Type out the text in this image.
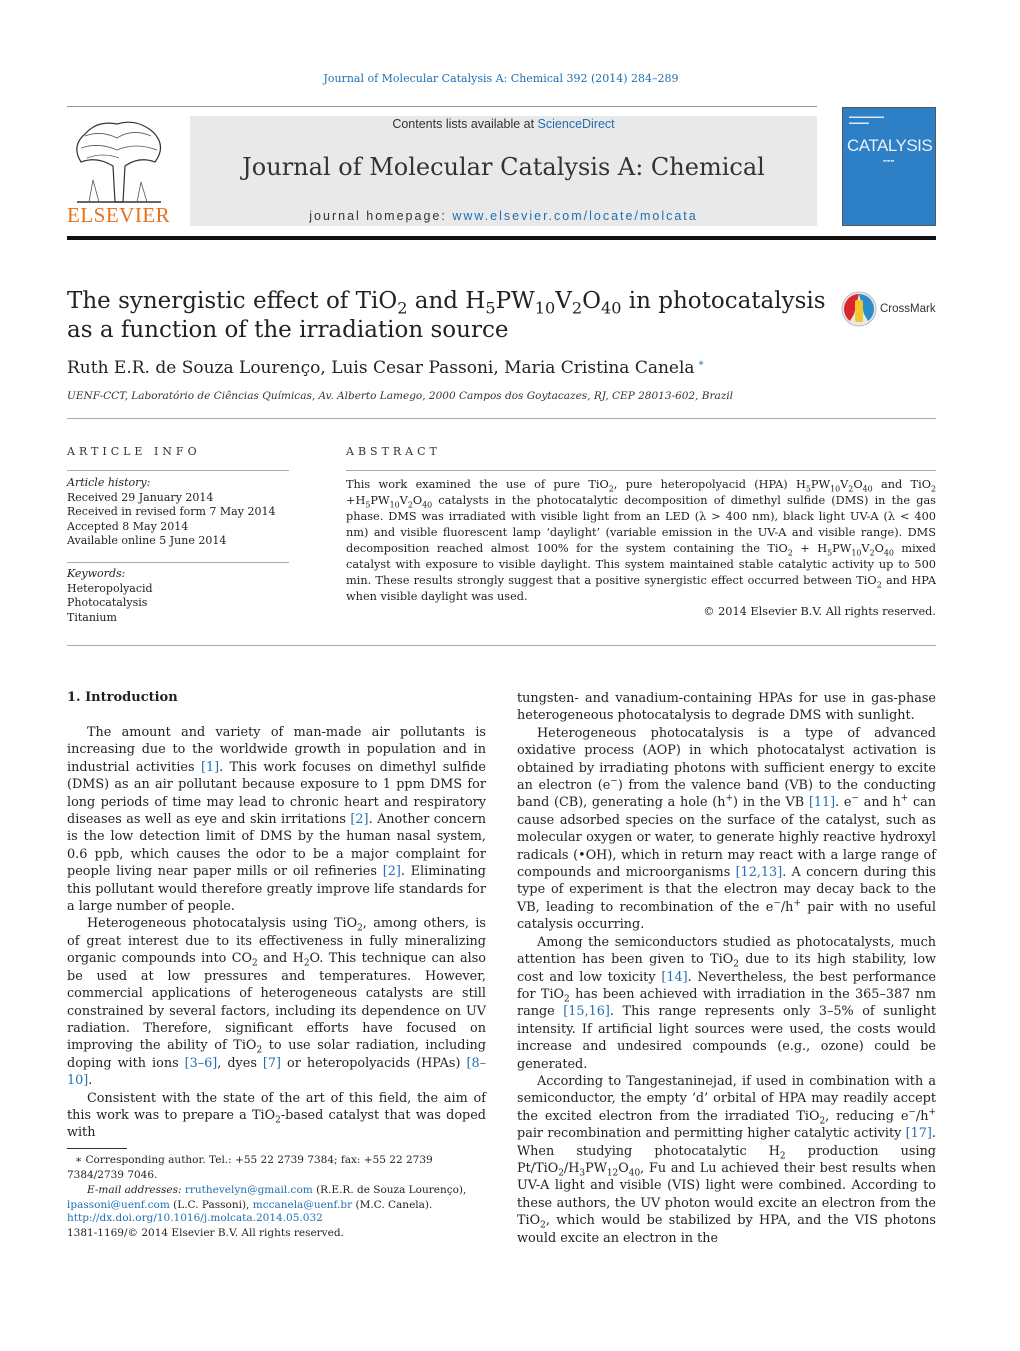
Journal of Molecular Catalysis A: Chemical 392 (2014) 284–289
ELSEVIER
Contents lists available at ScienceDirect
Journal of Molecular Catalysis A: Chemical
journal homepage: www.elsevier.com/locate/molcata
▬▬▬▬▬▬▬
▬▬▬▬
CATALYSIS
▬▬▬
The synergistic effect of TiO$_2$ and $H_5PW_{10}V_2O_{40}$ in photocatalysis
as a function of the irradiation source
CrossMark
Ruth E.R. de Souza Lourenço, Luis Cesar Passoni, Maria Cristina Canela ∗
UENF-CCT, Laboratório de Ciências Químicas, Av. Alberto Lamego, 2000 Campos dos Goytacazes, RJ, CEP 28013-602, Brazil
ARTICLE INFO	ABSTRACT
Article history:
Received 29 January 2014
Received in revised form 7 May 2014
Accepted 8 May 2014
Available online 5 June 2014
Keywords:
Heteropolyacid
Photocatalysis
Titanium
This work examined the use of pure TiO$_2$, pure heteropolyacid (HPA) $H_5PW_{10}V_2O_{40}$ and $TiO_2 +H_5PW_{10}V_2O_{40}$ catalysts in the photocatalytic decomposition of dimethyl sulfide (DMS) in the gas phase. DMS was irradiated with visible light from an LED (λ > 400 nm), black light UV-A (λ < 400 nm) and visible fluorescent lamp ‘daylight’ (variable emission in the UV-A and visible range). DMS decomposition reached almost 100% for the system containing the $TiO_2 + H_5PW_{10}V_2O_{40}$ mixed catalyst with exposure to visible daylight. This system maintained stable catalytic activity up to 500 min. These results strongly suggest that a positive synergistic effect occurred between TiO$_2$ and HPA when visible daylight was used.
© 2014 Elsevier B.V. All rights reserved.
1. Introduction

The amount and variety of man-made air pollutants is increasing due to the worldwide growth in population and in industrial activities [1]. This work focuses on dimethyl sulfide (DMS) as an air pollutant because exposure to 1 ppm DMS for long periods of time may lead to chronic heart and respiratory diseases as well as eye and skin irritations [2]. Another concern is the low detection limit of DMS by the human nasal system, 0.6 ppb, which causes the odor to be a major complaint for people living near paper mills or oil refineries [2]. Eliminating this pollutant would therefore greatly improve life standards for a large number of people.

Heterogeneous photocatalysis using TiO$_2$, among others, is of great interest due to its effectiveness in fully mineralizing organic compounds into $CO_2$ and $H_2O$. This technique can also be used at low pressures and temperatures. However, commercial applications of heterogeneous catalysts are still constrained by several factors, including its dependence on UV radiation. Therefore, significant efforts have focused on improving the ability of TiO$_2$ to use solar radiation, including doping with ions [3–6], dyes [7] or heteropolyacids (HPAs) [8–10].

Consistent with the state of the art of this field, the aim of this work was to prepare a TiO$_2$-based catalyst that was doped with

tungsten- and vanadium-containing HPAs for use in gas-phase heterogeneous photocatalysis to degrade DMS with sunlight.

Heterogeneous photocatalysis is a type of advanced oxidative process (AOP) in which photocatalyst activation is obtained by irradiating photons with sufficient energy to excite an electron (e−) from the valence band (VB) to the conducting band (CB), generating a hole (h+) in the VB [11]. e− and h+ can cause adsorbed species on the surface of the catalyst, such as molecular oxygen or water, to generate highly reactive hydroxyl radicals (•OH), which in return may react with a large range of compounds and microorganisms [12,13]. A concern during this type of experiment is that the electron may decay back to the VB, leading to recombination of the e−/h+ pair with no useful catalysis occurring.

Among the semiconductors studied as photocatalysts, much attention has been given to TiO$_2$ due to its high stability, low cost and low toxicity [14]. Nevertheless, the best performance for TiO$_2$ has been achieved with irradiation in the 365–387 nm range [15,16]. This range represents only 3–5% of sunlight intensity. If artificial light sources were used, the costs would increase and undesired compounds (e.g., ozone) could be generated.

According to Tangestaninejad, if used in combination with a semiconductor, the empty ‘d’ orbital of HPA may readily accept the excited electron from the irradiated TiO$_2$, reducing e−/h+ pair recombination and permitting higher catalytic activity [17]. When studying photocatalytic $H_2$ production using $Pt/TiO_2/H_3PW_{12}O_{40}$, Fu and Lu achieved their best results when UV-A light and visible (VIS) light were combined. According to these authors, the UV photon would excite an electron from the TiO$_2$, which would be stabilized by HPA, and the VIS photons would excite an electron in the

∗ Corresponding author. Tel.: +55 22 2739 7384; fax: +55 22 2739 7384/2739 7046.
E-mail addresses: rruthevelyn@gmail.com (R.E.R. de Souza Lourenço),
lpassoni@uenf.com (L.C. Passoni), mccanela@uenf.br (M.C. Canela).
http://dx.doi.org/10.1016/j.molcata.2014.05.032
1381-1169/© 2014 Elsevier B.V. All rights reserved.
